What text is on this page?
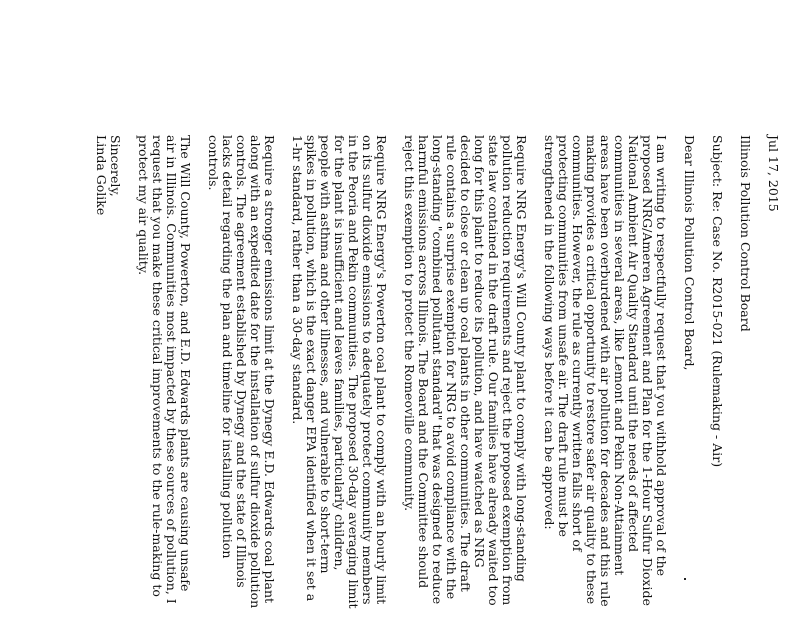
Jul 17, 2015

Illinois Pollution Control Board

Subject: Re: Case No. R2015-021 (Rulemaking - Air)

Dear Illinois Pollution Control Board,

I am writing to respectfully request that you withhold approval of the proposed NRG/Ameren Agreement and Plan for the 1-Hour Sulfur Dioxide National Ambient Air Quality Standard until the needs of affected communities in several areas, like Lemont and Pekin Non-Attainment areas have been overburdened with air pollution for decades and this rule making provides a critical opportunity to restore safer air quality to these communities. However, the rule as currently written falls short of protecting communities from unsafe air. The draft rule must be strengthened in the following ways before it can be approved:

Require NRG Energy's Will County plant to comply with long-standing pollution reduction requirements and reject the proposed exemption from state law contained in the draft rule. Our families have already waited too long for this plant to reduce its pollution, and have watched as NRG decided to close or clean up coal plants in other communities. The draft rule contains a surprise exemption for NRG to avoid compliance with the long-standing "combined pollutant standard" that was designed to reduce harmful emissions across Illinois. The Board and the Committee should reject this exemption to protect the Romeoville community.

Require NRG Energy's Powerton coal plant to comply with an hourly limit on its sulfur dioxide emissions to adequately protect community members in the Peoria and Pekin communities. The proposed 30-day averaging limit for the plant is insufficient and leaves families, particularly children, people with asthma and other illnesses, and vulnerable to short-term spikes in pollution, which is the exact danger EPA identified when it set a 1-hr standard, rather than a 30-day standard.

Require a stronger emissions limit at the Dynegy E.D. Edwards coal plant along with an expedited date for the installation of sulfur dioxide pollution controls. The agreement established by Dynegy and the state of Illinois lacks detail regarding the plan and timeline for installing pollution controls.

The Will County, Powerton, and E.D. Edwards plants are causing unsafe air in Illinois. Communities most impacted by these sources of pollution, I request that you make these critical improvements to the rule-making to protect my air quality.

Sincerely,

Linda Golike
